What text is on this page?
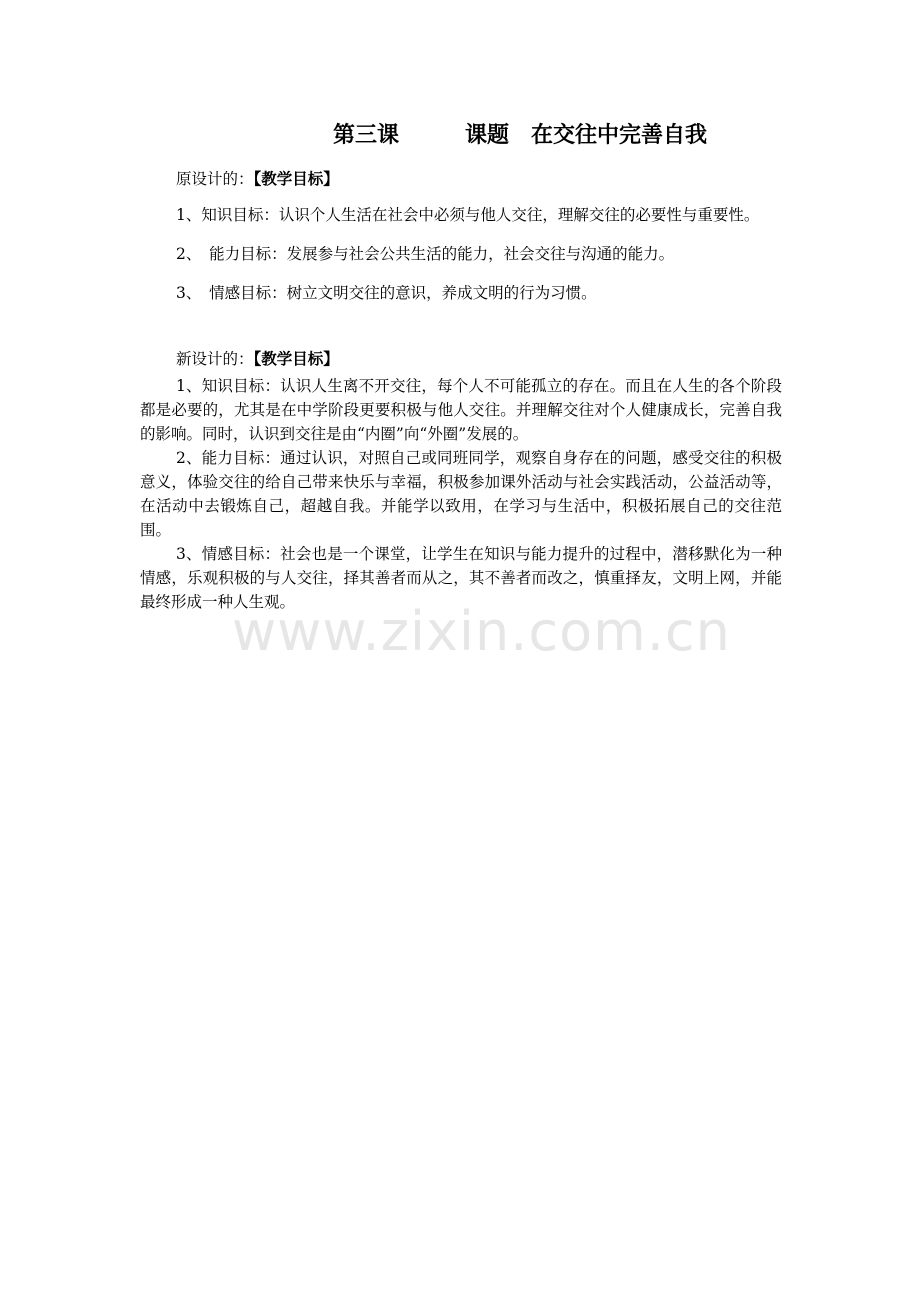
第三课　　　课题　在交往中完善自我

原设计的：【教学目标】

1、知识目标：认识个人生活在社会中必须与他人交往，理解交往的必要性与重要性。

2、　能力目标：发展参与社会公共生活的能力，社会交往与沟通的能力。

3、　情感目标：树立文明交往的意识，养成文明的行为习惯。

新设计的：【教学目标】

1、知识目标：认识人生离不开交往，每个人不可能孤立的存在。而且在人生的各个阶段都是必要的，尤其是在中学阶段更要积极与他人交往。并理解交往对个人健康成长，完善自我的影响。同时，认识到交往是由“内圈”向“外圈”发展的。

2、能力目标：通过认识，对照自己或同班同学，观察自身存在的问题，感受交往的积极意义，体验交往的给自己带来快乐与幸福，积极参加课外活动与社会实践活动，公益活动等，在活动中去锻炼自己，超越自我。并能学以致用，在学习与生活中，积极拓展自己的交往范围。

3、情感目标：社会也是一个课堂，让学生在知识与能力提升的过程中，潜移默化为一种情感，乐观积极的与人交往，择其善者而从之，其不善者而改之，慎重择友，文明上网，并能最终形成一种人生观。

www.zixin.com.cn
